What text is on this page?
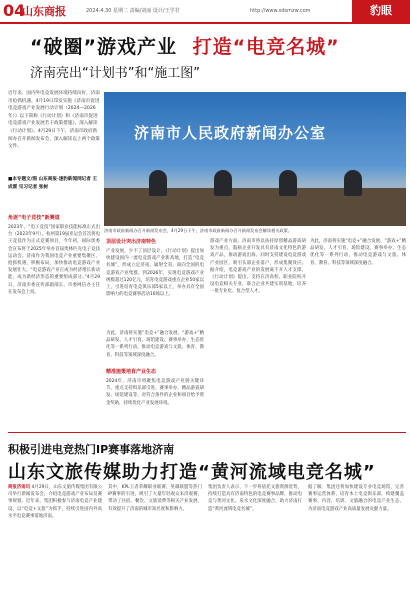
04
山东商报	2024.4.30 星期二 责编/刘丽 设计/王学君	http://www.sdsmzw.com	豹眼
“破圈”游戏产业 打造“电竞名城”
济南亮出“计划书”和“施工图”
近年来，国内外电竞发展环境持续向好，济南市抢抓机遇。4月19日印发实施《济南市促进电竞游戏产业发展行动计划（2024—2026年）》以下简称《行动计划》和《济南市促进电竞游戏产业发展若干政策措施》，深入解读《行动计划》。4月29日下午，济南市政府新闻办召开新闻发布会，深入解读以上两个政策文件。
■本专题文/图 山东商报·速豹新闻网记者 王成雷 见习记者 张树
济南市人民政府新闻办公室
济南市政府新闻办召开新闻发布会，4月29日下午，济南市政府新闻办召开新闻发布会解读相关政策。
角逐“电子竞技”新赛道
2023年，“电子竞技”国家职业技能标准正式出台（2023年9月）。杭州第19届亚运会首次将电子竞技作为正式竞赛项目，今年初，国际奥委会宣布将于2025年举办首届奥林匹克电子竞技运动会。济南作为我国电竞产业重要集聚区，抢抓机遇，积极布局，加快推动电竞游戏产业发展壮大。“电竞游戏产业正成为经济增长新动能，成为新经济形态的重要组成部分。”4月29日，济南市委宣传部副部长、市委网信办主任在发布会上说。
顶层设计突出济南特色
产业发展，少不了顶层设计。《行动计划》提出加快建设国内一流电竞游戏产业新高地，打造“电竞名城”，形成立足济南、辐射全省、面向全国的电竞游戏产业集群。到2026年，实现电竞游戏产业规模超过120亿元，培育电竞游戏重点企业50家以上，引进培育电竞俱乐部5家以上，举办具有全国影响力的电竞赛事活动10场以上。
为此，济南将实施“电竞+”融合发展、“游戏+”精品研发、人才引育、场馆建设、赛事举办、生态优化等一系列行动，推动电竞游戏与文旅、体育、教育、科技等领域深度融合。
精准施策培育产业生态
2024年，济南市将聚焦电竞游戏产业链关键环节，重点支持俱乐部引进、赛事举办、精品游戏研发、场馆建设等，对符合条件的企业和项目给予资金奖励，持续优化产业发展环境。
游戏产业方面，济南市将以扶持原创精品游戏研发为重点，鼓励企业开发具有济南文化特色的游戏产品，推动游戏出海。同时支持建设电竞游戏产业园区，吸引头部企业落户，形成集聚效应。据介绍，电竞游戏产业的发展离不开人才支撑。《行动计划》提出，支持在济高校、职业院校开设电竞相关专业，联合企业共建实训基地，培养一批专业化、复合型人才。
为此，济南将实施“电竞+”融合发展、“游戏+”精品研发、人才引育、场馆建设、赛事举办、生态优化等一系列行动，推动电竞游戏与文旅、体育、教育、科技等领域深度融合。
积极引进电竞热门IP赛事落地济南
山东文旅传媒助力打造“黄河流域电竞名城”
商报济南讯 4月29日，山东文旅传媒集团有限公司举行新闻发布会，介绍电竞游戏产业布局及赛事规划。近年来，集团积极参与济南电竞产业建设，以“电竞+文旅”为抓手，持续引进国内外高水平电竞赛事落地济南。
其中，KPL王者荣耀职业联赛、英雄联盟等热门IP赛事的引进，吸引了大量年轻观众来济观赛，带动了住宿、餐饮、文旅消费等相关产业发展，有效提升了济南的城市知名度和影响力。
集团负责人表示，下一步将依托文旅资源优势，持续打造具有济南特色的电竞赛事品牌，推动电竞与黄河文化、泉水文化深度融合，助力济南打造“黄河流域电竞名城”。
据了解，集团还将加快建设专业电竞场馆，完善赛事运营体系，培育本土电竞俱乐部，构建覆盖赛事、内容、培训、文旅融合的电竞产业生态，为济南电竞游戏产业高质量发展贡献力量。
